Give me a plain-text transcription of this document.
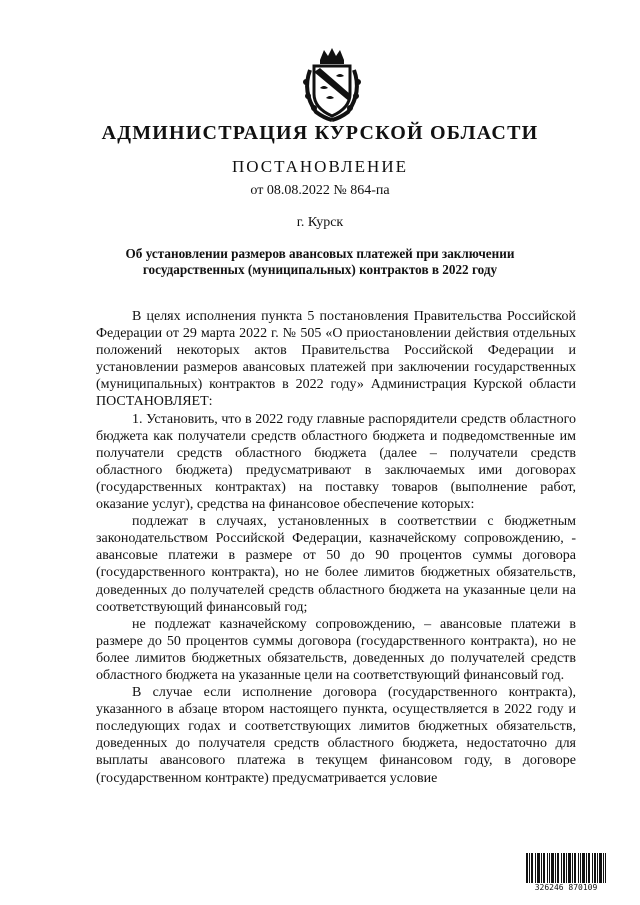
АДМИНИСТРАЦИЯ КУРСКОЙ ОБЛАСТИ
ПОСТАНОВЛЕНИЕ
от 08.08.2022 № 864-па
г. Курск
Об установлении размеров авансовых платежей при заключении
государственных (муниципальных) контрактов в 2022 году

В целях исполнения пункта 5 постановления Правительства Российской Федерации от 29 марта 2022 г. № 505 «О приостановлении действия отдельных положений некоторых актов Правительства Российской Федерации и установлении размеров авансовых платежей при заключении государственных (муниципальных) контрактов в 2022 году» Администрация Курской области ПОСТАНОВЛЯЕТ:

1. Установить, что в 2022 году главные распорядители средств областного бюджета как получатели средств областного бюджета и подведомственные им получатели средств областного бюджета (далее – получатели средств областного бюджета) предусматривают в заключаемых ими договорах (государственных контрактах) на поставку товаров (выполнение работ, оказание услуг), средства на финансовое обеспечение которых:

подлежат в случаях, установленных в соответствии с бюджетным законодательством Российской Федерации, казначейскому сопровождению, - авансовые платежи в размере от 50 до 90 процентов суммы договора (государственного контракта), но не более лимитов бюджетных обязательств, доведенных до получателей средств областного бюджета на указанные цели на соответствующий финансовый год;

не подлежат казначейскому сопровождению, – авансовые платежи в размере до 50 процентов суммы договора (государственного контракта), но не более лимитов бюджетных обязательств, доведенных до получателей средств областного бюджета на указанные цели на соответствующий финансовый год.

В случае если исполнение договора (государственного контракта), указанного в абзаце втором настоящего пункта, осуществляется в 2022 году и последующих годах и соответствующих лимитов бюджетных обязательств, доведенных до получателя средств областного бюджета, недостаточно для выплаты авансового платежа в текущем финансовом году, в договоре (государственном контракте) предусматривается условие

326246 870109
